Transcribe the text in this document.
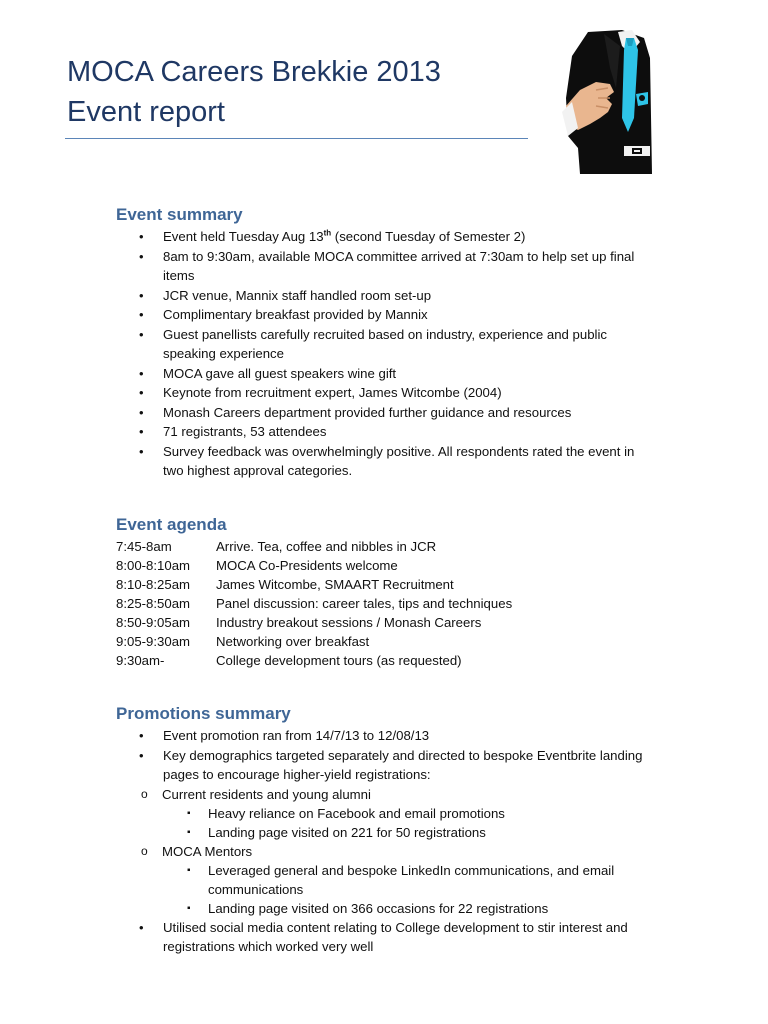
MOCA Careers Brekkie 2013
Event report
Event summary
• Event held Tuesday Aug 13th (second Tuesday of Semester 2)
• 8am to 9:30am, available MOCA committee arrived at 7:30am to help set up final items
• JCR venue, Mannix staff handled room set-up
• Complimentary breakfast provided by Mannix
• Guest panellists carefully recruited based on industry, experience and public speaking experience
• MOCA gave all guest speakers wine gift
• Keynote from recruitment expert, James Witcombe (2004)
• Monash Careers department provided further guidance and resources
• 71 registrants, 53 attendees
• Survey feedback was overwhelmingly positive. All respondents rated the event in two highest approval categories.
Event agenda
7:45-8am	Arrive. Tea, coffee and nibbles in JCR
8:00-8:10am	MOCA Co-Presidents welcome
8:10-8:25am	James Witcombe, SMAART Recruitment
8:25-8:50am	Panel discussion: career tales, tips and techniques
8:50-9:05am	Industry breakout sessions / Monash Careers
9:05-9:30am	Networking over breakfast
9:30am-	College development tours (as requested)
Promotions summary
• Event promotion ran from 14/7/13 to 12/08/13
• Key demographics targeted separately and directed to bespoke Eventbrite landing pages to encourage higher-yield registrations:
o Current residents and young alumni
▪ Heavy reliance on Facebook and email promotions
▪ Landing page visited on 221 for 50 registrations
o MOCA Mentors
▪ Leveraged general and bespoke LinkedIn communications, and email communications
▪ Landing page visited on 366 occasions for 22 registrations
• Utilised social media content relating to College development to stir interest and registrations which worked very well
